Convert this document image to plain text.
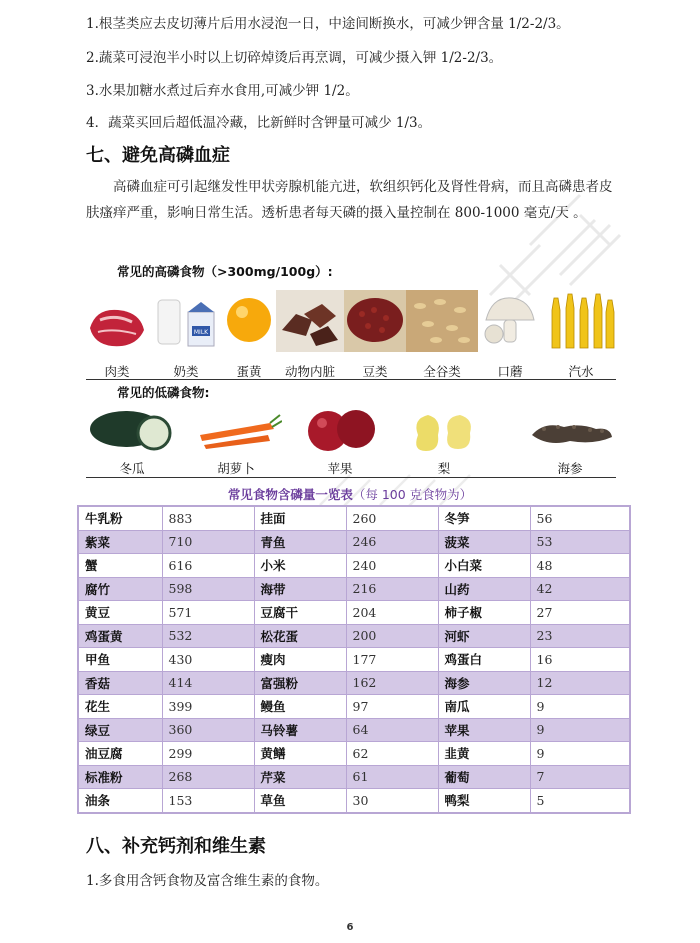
1.根茎类应去皮切薄片后用水浸泡一日，中途间断换水，可减少钾含量 1/2-2/3。
2.蔬菜可浸泡半小时以上切碎焯烫后再烹调，可减少摄入钾 1/2-2/3。
3.水果加糖水煮过后弃水食用,可减少钾 1/2。
4．蔬菜买回后超低温冷藏，比新鲜时含钾量可减少 1/3。
七、避免高磷血症
高磷血症可引起继发性甲状旁腺机能亢进，软组织钙化及肾性骨病，而且高磷患者皮肤瘙痒严重，影响日常生活。透析患者每天磷的摄入量控制在 800-1000 毫克/天 。
常见的高磷食物（>300mg/100g）:
肉类
MILK
奶类	蛋黄	动物内脏	豆类	全谷类	口蘑	汽水
常见的低磷食物:
冬瓜	胡萝卜	苹果	梨	海参
常见食物含磷量一览表（每 100 克食物为）
牛乳粉	883	挂面	260	冬笋	56
紫菜	710	青鱼	246	菠菜	53
蟹	616	小米	240	小白菜	48
腐竹	598	海带	216	山药	42
黄豆	571	豆腐干	204	柿子椒	27
鸡蛋黄	532	松花蛋	200	河虾	23
甲鱼	430	瘦肉	177	鸡蛋白	16
香菇	414	富强粉	162	海参	12
花生	399	鳗鱼	97	南瓜	9
绿豆	360	马铃薯	64	苹果	9
油豆腐	299	黄鳝	62	韭黄	9
标准粉	268	芹菜	61	葡萄	7
油条	153	草鱼	30	鸭梨	5
八、补充钙剂和维生素
1.多食用含钙食物及富含维生素的食物。
6
